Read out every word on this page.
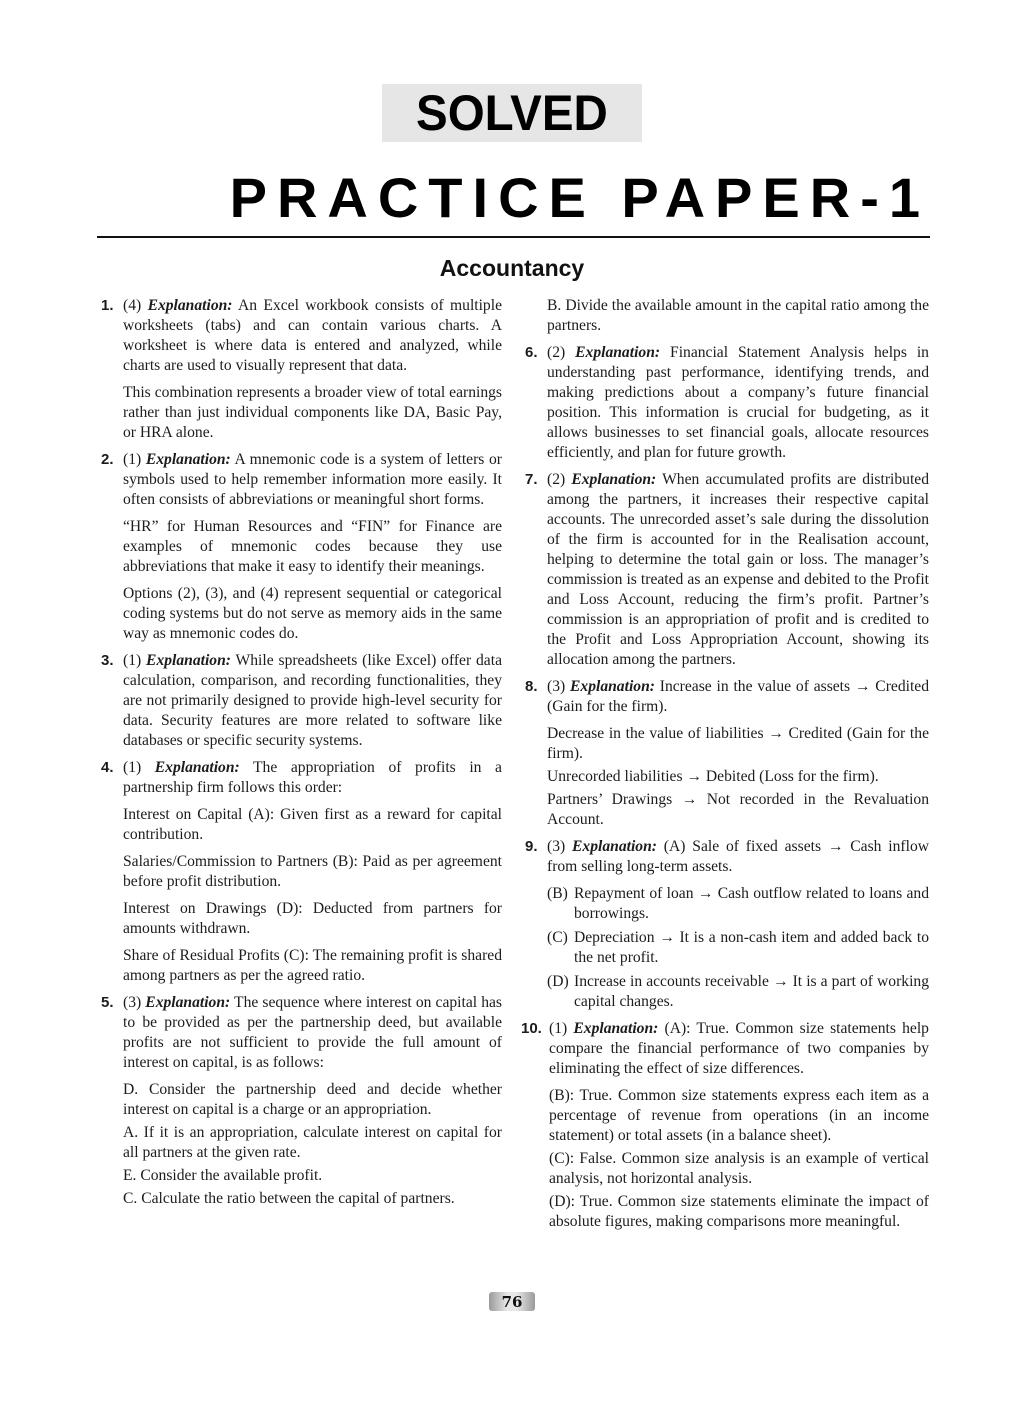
SOLVED
PRACTICE PAPER-1
Accountancy
1. (4) Explanation: An Excel workbook consists of multiple worksheets (tabs) and can contain various charts. A worksheet is where data is entered and analyzed, while charts are used to visually represent that data.

This combination represents a broader view of total earnings rather than just individual components like DA, Basic Pay, or HRA alone.

2. (1) Explanation: A mnemonic code is a system of letters or symbols used to help remember information more easily. It often consists of abbreviations or meaningful short forms.

“HR” for Human Resources and “FIN” for Finance are examples of mnemonic codes because they use abbreviations that make it easy to identify their meanings.

Options (2), (3), and (4) represent sequential or categorical coding systems but do not serve as memory aids in the same way as mnemonic codes do.

3. (1) Explanation: While spreadsheets (like Excel) offer data calculation, comparison, and recording functionalities, they are not primarily designed to provide high-level security for data. Security features are more related to software like databases or specific security systems.

4. (1) Explanation: The appropriation of profits in a partnership firm follows this order:

Interest on Capital (A): Given first as a reward for capital contribution.

Salaries/Commission to Partners (B): Paid as per agreement before profit distribution.

Interest on Drawings (D): Deducted from partners for amounts withdrawn.

Share of Residual Profits (C): The remaining profit is shared among partners as per the agreed ratio.

5. (3) Explanation: The sequence where interest on capital has to be provided as per the partnership deed, but available profits are not sufficient to provide the full amount of interest on capital, is as follows:

D. Consider the partnership deed and decide whether interest on capital is a charge or an appropriation.

A. If it is an appropriation, calculate interest on capital for all partners at the given rate.

E. Consider the available profit.

C. Calculate the ratio between the capital of partners.

B. Divide the available amount in the capital ratio among the partners.

6. (2) Explanation: Financial Statement Analysis helps in understanding past performance, identifying trends, and making predictions about a company’s future financial position. This information is crucial for budgeting, as it allows businesses to set financial goals, allocate resources efficiently, and plan for future growth.

7. (2) Explanation: When accumulated profits are distributed among the partners, it increases their respective capital accounts. The unrecorded asset’s sale during the dissolution of the firm is accounted for in the Realisation account, helping to determine the total gain or loss. The manager’s commission is treated as an expense and debited to the Profit and Loss Account, reducing the firm’s profit. Partner’s commission is an appropriation of profit and is credited to the Profit and Loss Appropriation Account, showing its allocation among the partners.

8. (3) Explanation: Increase in the value of assets → Credited (Gain for the firm).

Decrease in the value of liabilities → Credited (Gain for the firm).

Unrecorded liabilities → Debited (Loss for the firm).

Partners’ Drawings → Not recorded in the Revaluation Account.

9. (3) Explanation: (A) Sale of fixed assets → Cash inflow from selling long-term assets.

(B) Repayment of loan → Cash outflow related to loans and borrowings.
(C) Depreciation → It is a non-cash item and added back to the net profit.
(D) Increase in accounts receivable → It is a part of working capital changes.
10. (1) Explanation: (A): True. Common size statements help compare the financial performance of two companies by eliminating the effect of size differences.

(B): True. Common size statements express each item as a percentage of revenue from operations (in an income statement) or total assets (in a balance sheet).

(C): False. Common size analysis is an example of vertical analysis, not horizontal analysis.

(D): True. Common size statements eliminate the impact of absolute figures, making comparisons more meaningful.

76
